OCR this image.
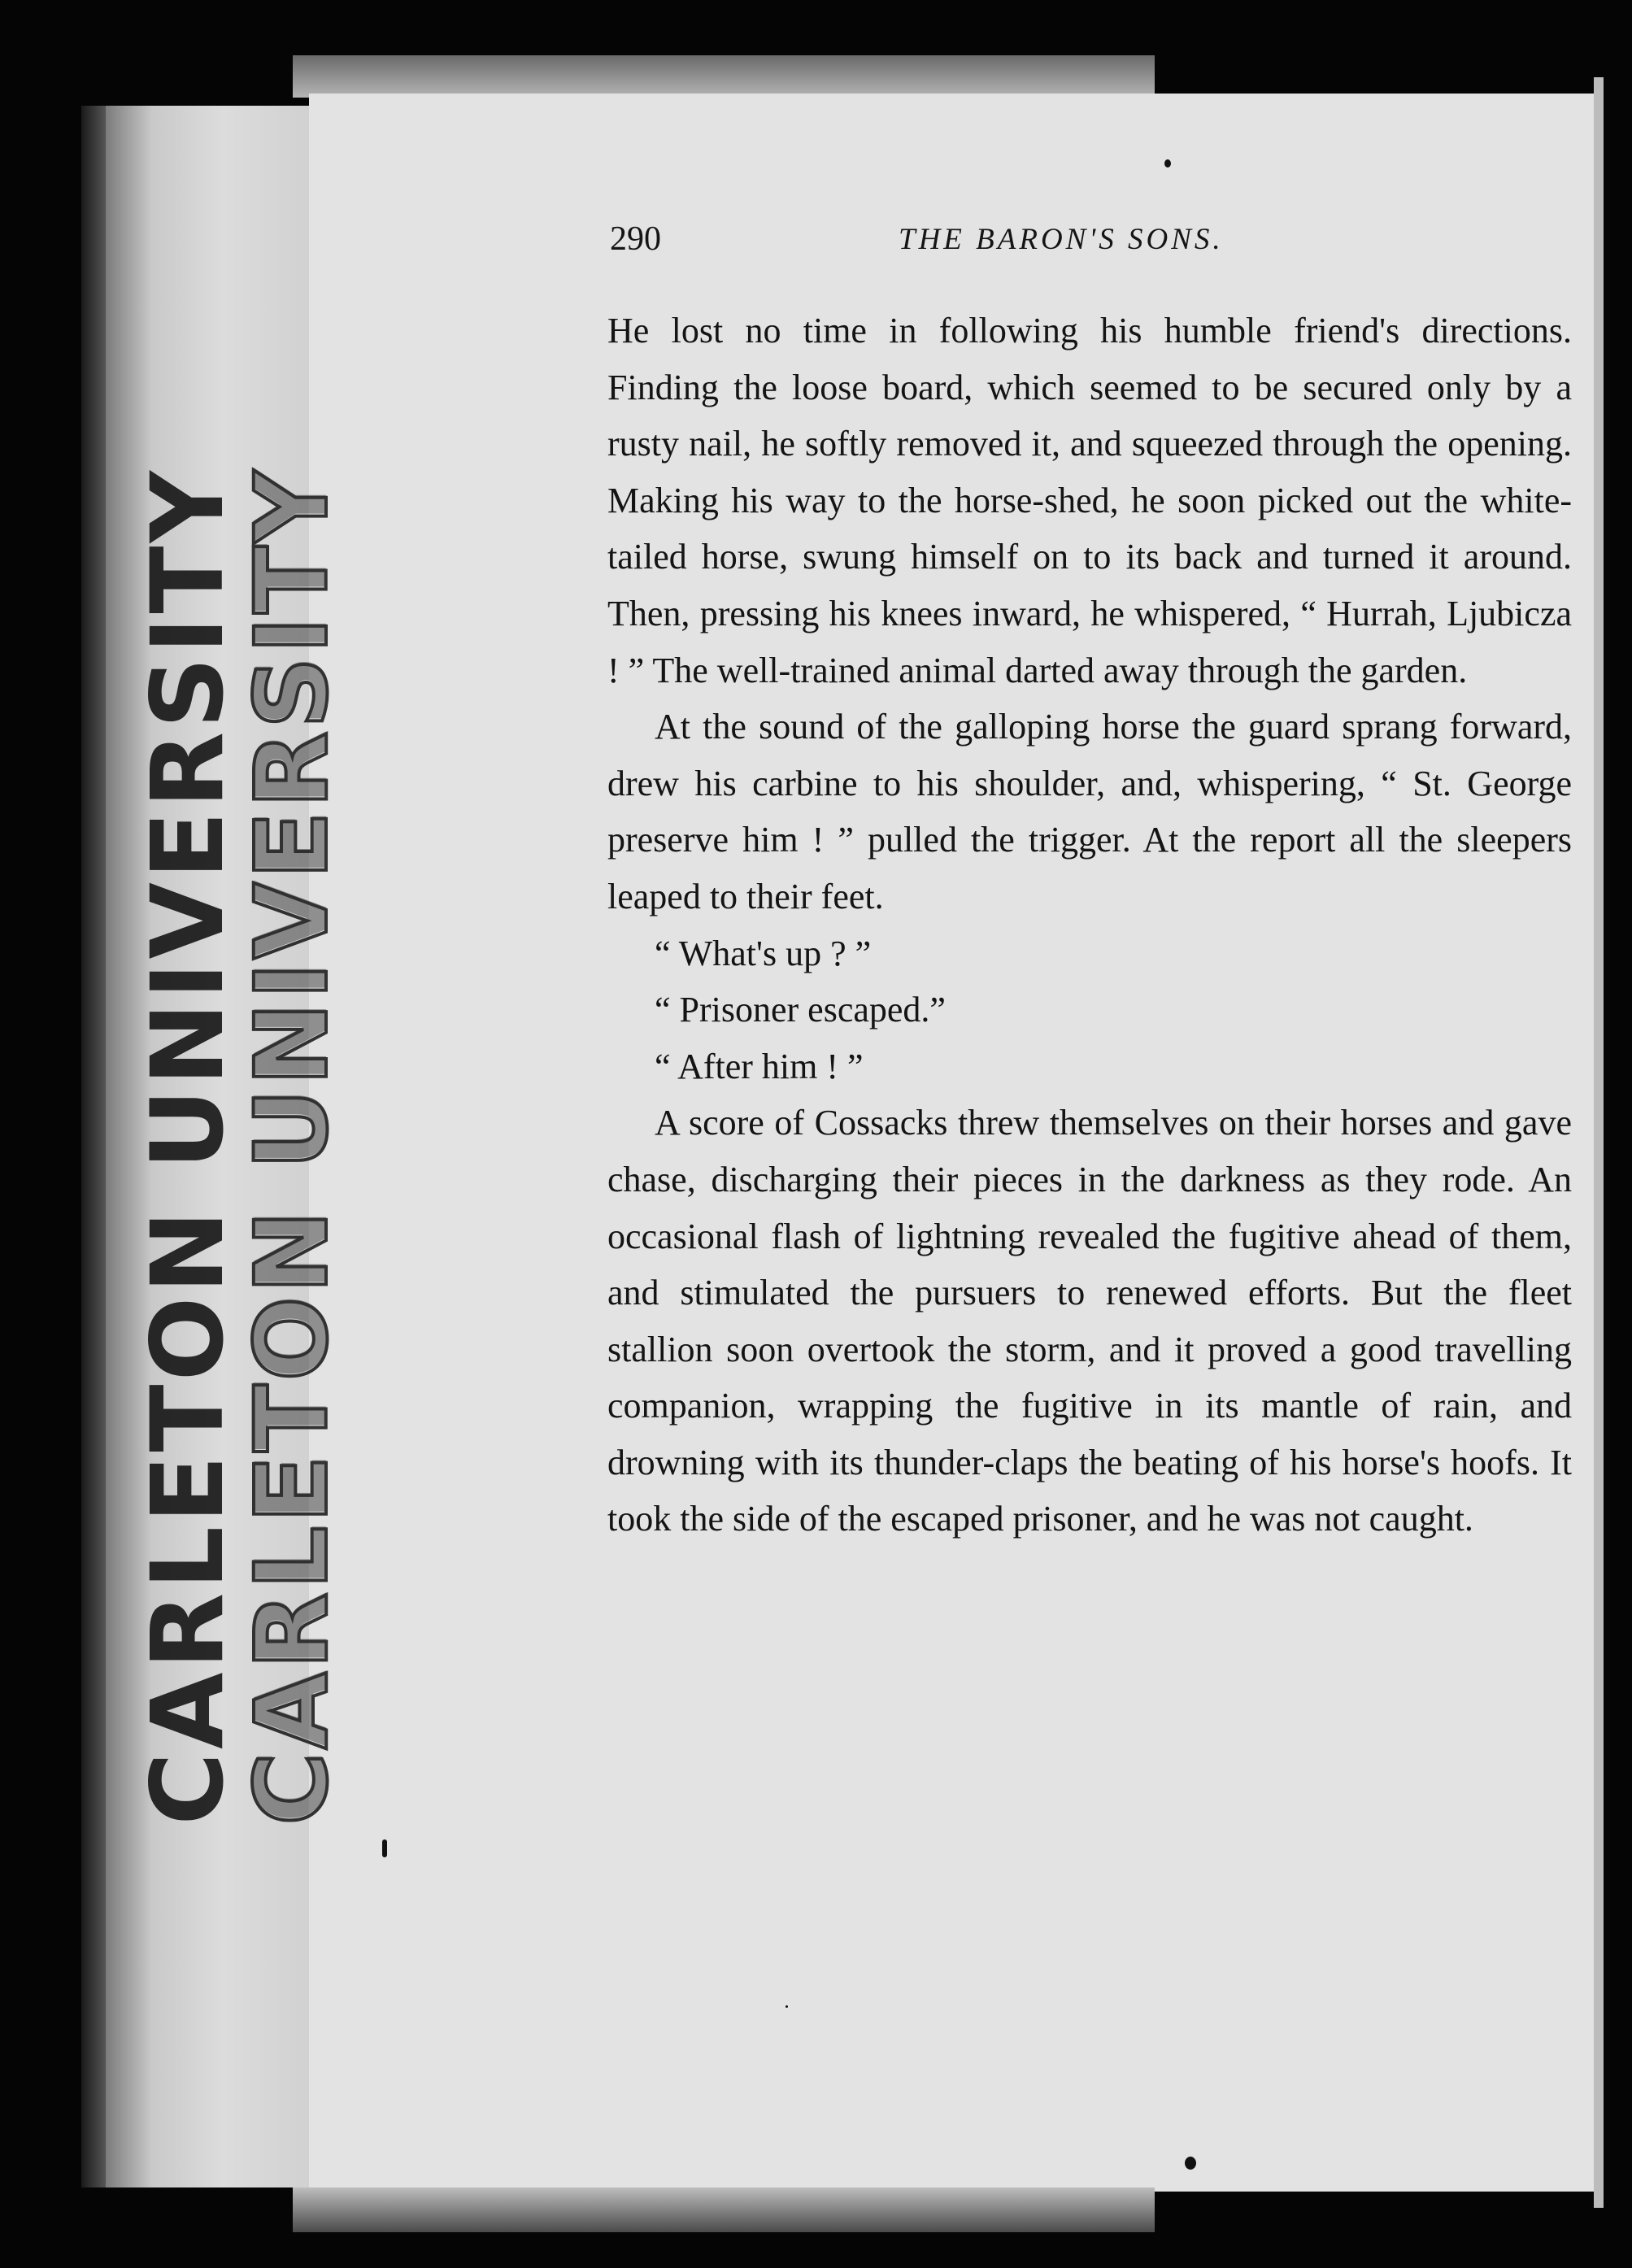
CARLETON UNIVERSITY
CARLETON UNIVERSITY
290	THE BARON'S SONS.

He lost no time in following his humble friend's directions. Finding the loose board, which seemed to be secured only by a rusty nail, he softly removed it, and squeezed through the opening. Making his way to the horse-shed, he soon picked out the white-tailed horse, swung himself on to its back and turned it around. Then, pressing his knees inward, he whispered, “ Hurrah, Ljubicza ! ” The well-trained animal darted away through the garden.

At the sound of the galloping horse the guard sprang forward, drew his carbine to his shoulder, and, whispering, “ St. George preserve him ! ” pulled the trigger. At the report all the sleepers leaped to their feet.

“ What's up ? ”

“ Prisoner escaped.”

“ After him ! ”

A score of Cossacks threw themselves on their horses and gave chase, discharging their pieces in the darkness as they rode. An occasional flash of lightning revealed the fugitive ahead of them, and stimulated the pursuers to renewed efforts. But the fleet stallion soon overtook the storm, and it proved a good travelling companion, wrapping the fugitive in its mantle of rain, and drowning with its thunder-claps the beating of his horse's hoofs. It took the side of the escaped prisoner, and he was not caught.
